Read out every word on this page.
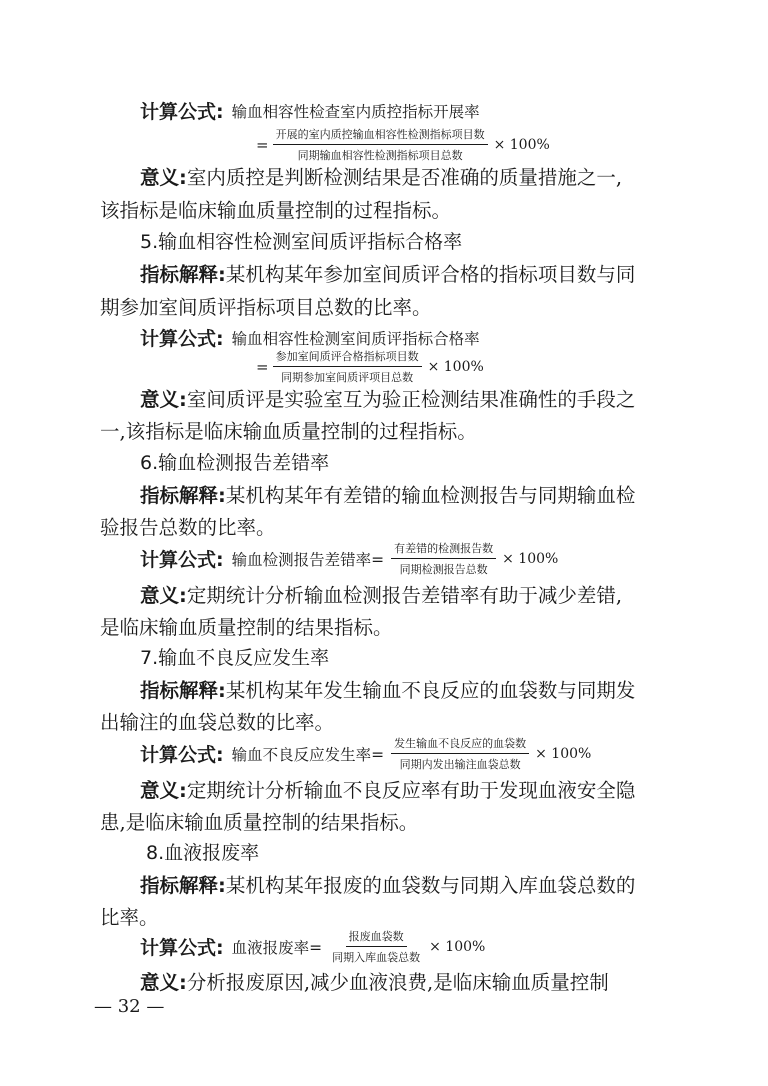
计算公式: 输血相容性检查室内质控指标开展率
= $\frac{\text{开展的室内质控输血相容性检测指标项目数}}{\text{同期输血相容性检测指标项目总数}} \times 100\%$
意义:室内质控是判断检测结果是否准确的质量措施之一,
该指标是临床输血质量控制的过程指标。
5.输血相容性检测室间质评指标合格率
指标解释:某机构某年参加室间质评合格的指标项目数与同
期参加室间质评指标项目总数的比率。
计算公式: 输血相容性检测室间质评指标合格率
= $\frac{\text{参加室间质评合格指标项目数}}{\text{同期参加室间质评项目总数}} \times 100\%$
意义:室间质评是实验室互为验正检测结果准确性的手段之
一,该指标是临床输血质量控制的过程指标。
6.输血检测报告差错率
指标解释:某机构某年有差错的输血检测报告与同期输血检
验报告总数的比率。
计算公式: 输血检测报告差错率= $\frac{\text{有差错的检测报告数}}{\text{同期检测报告总数}} \times 100\%$
意义:定期统计分析输血检测报告差错率有助于减少差错,
是临床输血质量控制的结果指标。
7.输血不良反应发生率
指标解释:某机构某年发生输血不良反应的血袋数与同期发
出输注的血袋总数的比率。
计算公式: 输血不良反应发生率= $\frac{\text{发生输血不良反应的血袋数}}{\text{同期内发出输注血袋总数}} \times 100\%$
意义:定期统计分析输血不良反应率有助于发现血液安全隐
患,是临床输血质量控制的结果指标。
8.血液报废率
指标解释:某机构某年报废的血袋数与同期入库血袋总数的
比率。
计算公式: 血液报废率= $\frac{\text{报废血袋数}}{\text{同期入库血袋总数}} \times 100\%$
意义:分析报废原因,减少血液浪费,是临床输血质量控制
— 32 —
